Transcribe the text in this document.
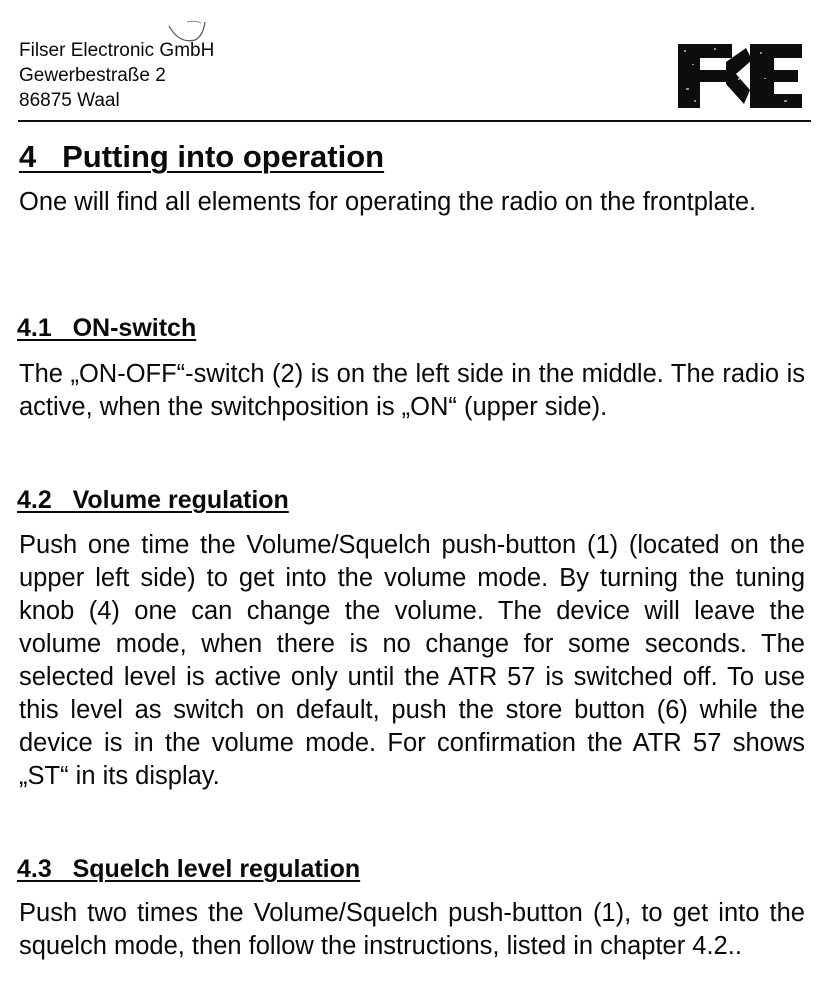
Filser Electronic GmbH
Gewerbestraße 2
86875 Waal
4   Putting into operation

One will find all elements for operating the radio on the frontplate.

4.1   ON-switch

The „ON-OFF“-switch (2) is on the left side in the middle. The radio is active, when the switchposition is „ON“ (upper side).

4.2   Volume regulation

Push one time the Volume/Squelch push-button (1) (located on the upper left side) to get into the volume mode. By turning the tuning knob (4) one can change the volume. The device will leave the volume mode, when there is no change for some seconds. The selected level is active only until the ATR 57 is switched off. To use this level as switch on default, push the store button (6) while the device is in the volume mode. For confirmation the ATR 57 shows „ST“ in its display.

4.3   Squelch level regulation

Push two times the Volume/Squelch push-button (1), to get into the squelch mode, then follow the instructions, listed in chapter 4.2..
